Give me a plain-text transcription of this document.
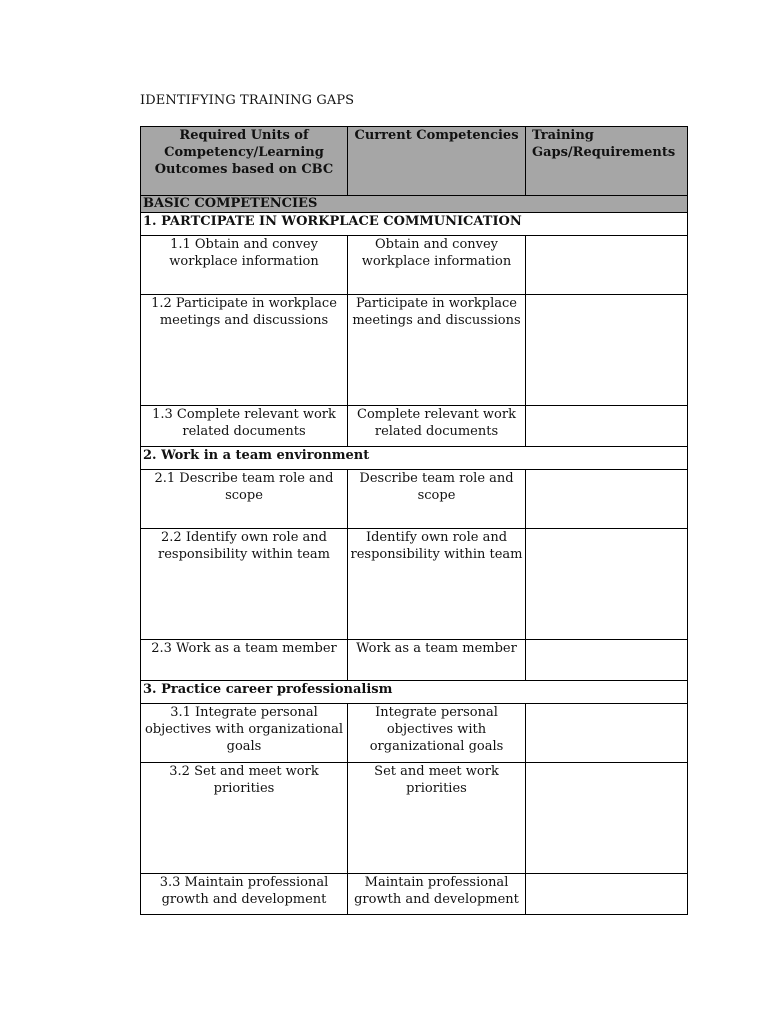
IDENTIFYING TRAINING GAPS
Required Units of Competency/Learning Outcomes based on CBC	Current Competencies	Training Gaps/Requirements
BASIC COMPETENCIES		
1. PARTCIPATE IN WORKPLACE COMMUNICATION		
1.1 Obtain and convey workplace information	Obtain and convey workplace information	
1.2 Participate in workplace meetings and discussions	Participate in workplace meetings and discussions	
1.3 Complete relevant work related documents	Complete relevant work related documents	
2. Work in a team environment		
2.1 Describe team role and scope	Describe team role and scope	
2.2 Identify own role and responsibility within team	Identify own role and responsibility within team	
2.3 Work as a team member	Work as a team member	
3. Practice career professionalism		
3.1 Integrate personal objectives with organizational goals	Integrate personal objectives with organizational goals	
3.2 Set and meet work priorities	Set and meet work priorities	
3.3 Maintain professional growth and development	Maintain professional growth and development	
